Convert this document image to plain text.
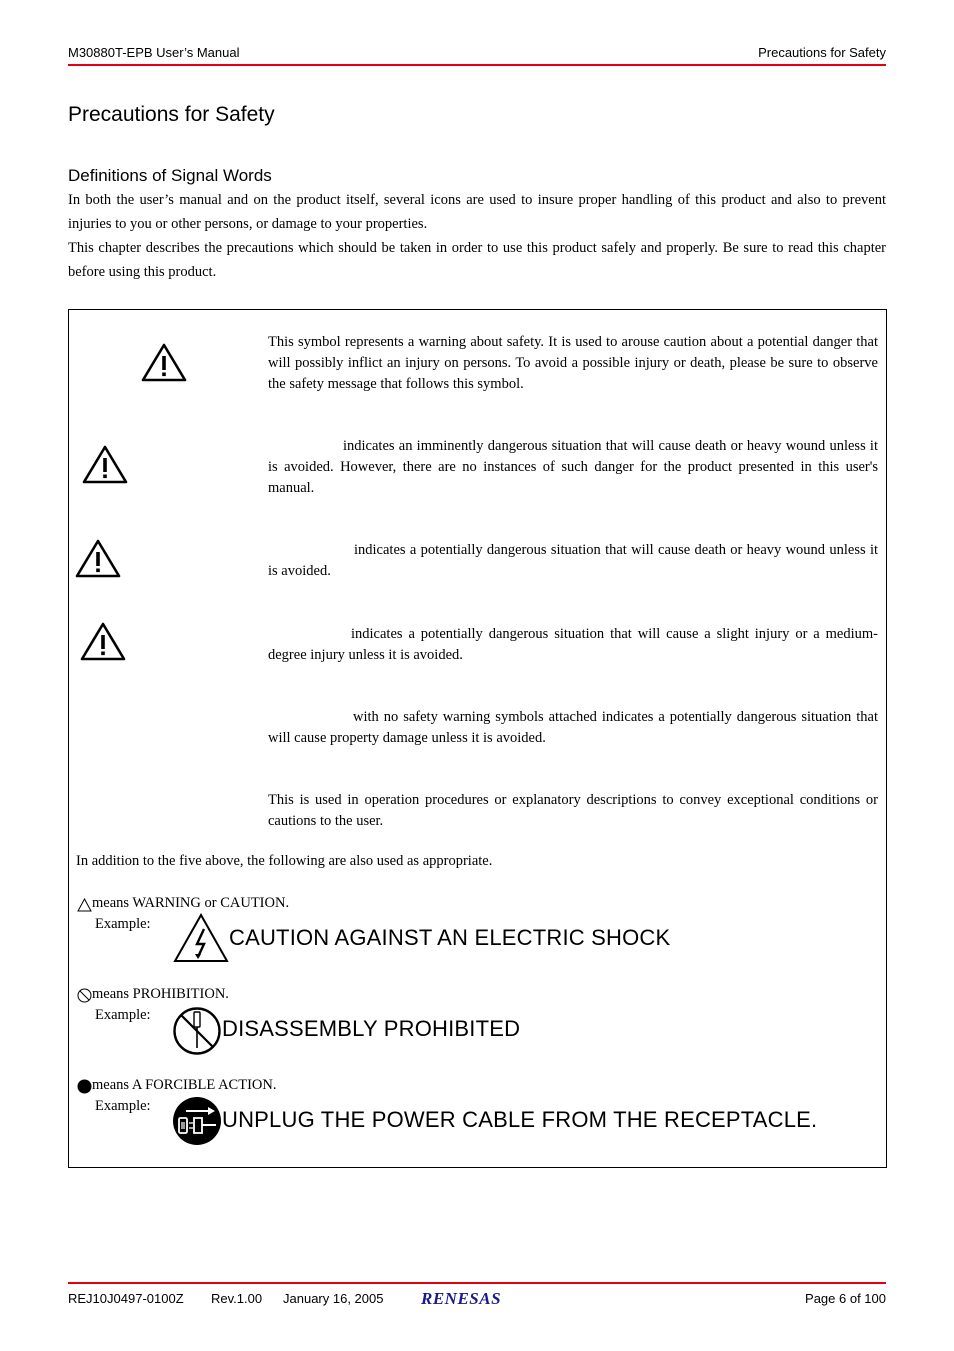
M30880T-EPB User’s Manual	Precautions for Safety
Precautions for Safety
Definitions of Signal Words
In both the user’s manual and on the product itself, several icons are used to insure proper handling of this product and also to prevent injuries to you or other persons, or damage to your properties.
This chapter describes the precautions which should be taken in order to use this product safely and properly. Be sure to read this chapter before using this product.
This symbol represents a warning about safety. It is used to arouse caution about a potential danger that will possibly inflict an injury on persons. To avoid a possible injury or death, please be sure to observe the safety message that follows this symbol.
indicates an imminently dangerous situation that will cause death or heavy wound unless it is avoided. However, there are no instances of such danger for the product presented in this user's manual.
indicates a potentially dangerous situation that will cause death or heavy wound unless it is avoided.
indicates a potentially dangerous situation that will cause a slight injury or a medium-degree injury unless it is avoided.
with no safety warning symbols attached indicates a potentially dangerous situation that will cause property damage unless it is avoided.
This is used in operation procedures or explanatory descriptions to convey exceptional conditions or cautions to the user.
In addition to the five above, the following are also used as appropriate.
means WARNING or CAUTION.
Example:
CAUTION AGAINST AN ELECTRIC SHOCK
means PROHIBITION.
Example:
DISASSEMBLY PROHIBITED
means A FORCIBLE ACTION.
Example:
UNPLUG THE POWER CABLE FROM THE RECEPTACLE.
REJ10J0497-0100Z Rev.1.00 January 16, 2005 RENESAS	Page 6 of 100
